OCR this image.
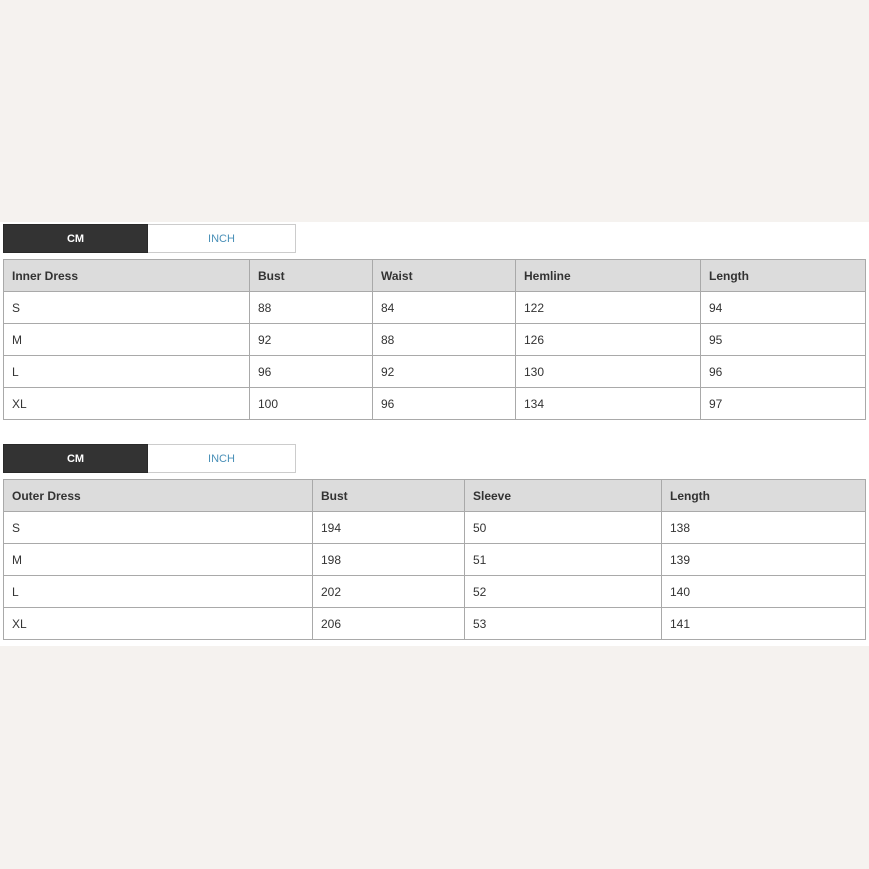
CM	INCH
Inner Dress	Bust	Waist	Hemline	Length
S	88	84	122	94
M	92	88	126	95
L	96	92	130	96
XL	100	96	134	97
CM	INCH
Outer Dress	Bust	Sleeve	Length
S	194	50	138
M	198	51	139
L	202	52	140
XL	206	53	141
